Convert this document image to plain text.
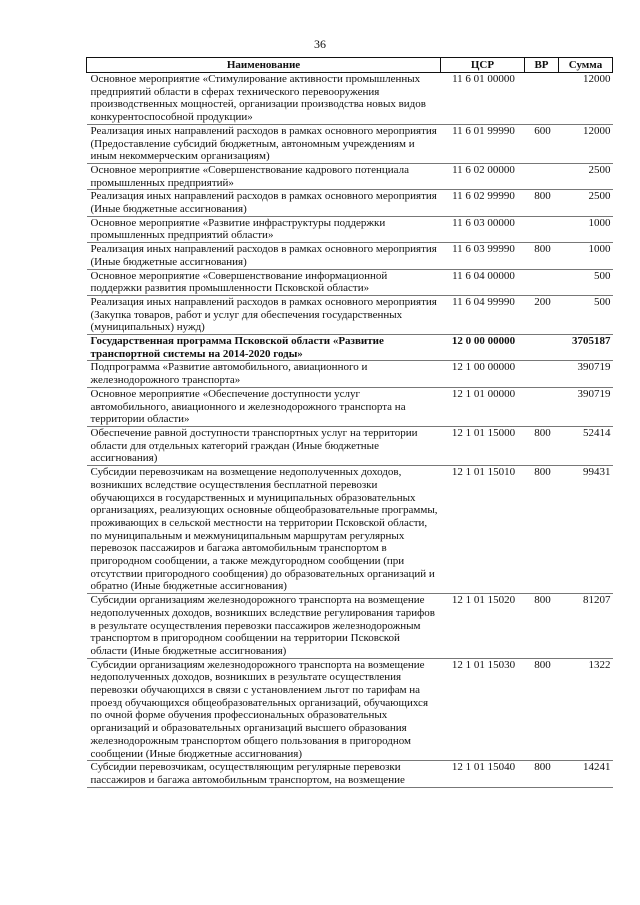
36
Наименование	ЦСР	ВР	Сумма
Основное мероприятие «Стимулирование активности промышленных предприятий области в сферах технического перевооружения производственных мощностей, организации производства новых видов конкурентоспособной продукции»	11 6 01 00000		12000
Реализация иных направлений расходов в рамках основного мероприятия (Предоставление субсидий бюджетным, автономным учреждениям и иным некоммерческим организациям)	11 6 01 99990	600	12000
Основное мероприятие «Совершенствование кадрового потенциала промышленных предприятий»	11 6 02 00000		2500
Реализация иных направлений расходов в рамках основного мероприятия (Иные бюджетные ассигнования)	11 6 02 99990	800	2500
Основное мероприятие «Развитие инфраструктуры поддержки промышленных предприятий области»	11 6 03 00000		1000
Реализация иных направлений расходов в рамках основного мероприятия (Иные бюджетные ассигнования)	11 6 03 99990	800	1000
Основное мероприятие «Совершенствование информационной поддержки развития промышленности Псковской области»	11 6 04 00000		500
Реализация иных направлений расходов в рамках основного мероприятия (Закупка товаров, работ и услуг для обеспечения государственных (муниципальных) нужд)	11 6 04 99990	200	500
Государственная программа Псковской области «Развитие транспортной системы на 2014-2020 годы»	12 0 00 00000		3705187
Подпрограмма «Развитие автомобильного, авиационного и железнодорожного транспорта»	12 1 00 00000		390719
Основное мероприятие «Обеспечение доступности услуг автомобильного, авиационного и железнодорожного транспорта на территории области»	12 1 01 00000		390719
Обеспечение равной доступности транспортных услуг на территории области для отдельных категорий граждан (Иные бюджетные ассигнования)	12 1 01 15000	800	52414
Субсидии перевозчикам на возмещение недополученных доходов, возникших вследствие осуществления бесплатной перевозки обучающихся в государственных и муниципальных образовательных организациях, реализующих основные общеобразовательные программы, проживающих в сельской местности на территории Псковской области, по муниципальным и межмуниципальным маршрутам регулярных перевозок пассажиров и багажа автомобильным транспортом в пригородном сообщении, а также междугородном сообщении (при отсутствии пригородного сообщения) до образовательных организаций и обратно (Иные бюджетные ассигнования)	12 1 01 15010	800	99431
Субсидии организациям железнодорожного транспорта на возмещение недополученных доходов, возникших вследствие регулирования тарифов в результате осуществления перевозки пассажиров железнодорожным транспортом в пригородном сообщении на территории Псковской области (Иные бюджетные ассигнования)	12 1 01 15020	800	81207
Субсидии организациям железнодорожного транспорта на возмещение недополученных доходов, возникших в результате осуществления перевозки обучающихся в связи с установлением льгот по тарифам на проезд обучающихся общеобразовательных организаций, обучающихся по очной форме обучения профессиональных образовательных организаций и образовательных организаций высшего образования железнодорожным транспортом общего пользования в пригородном сообщении (Иные бюджетные ассигнования)	12 1 01 15030	800	1322
Субсидии перевозчикам, осуществляющим регулярные перевозки пассажиров и багажа автомобильным транспортом, на возмещение	12 1 01 15040	800	14241
